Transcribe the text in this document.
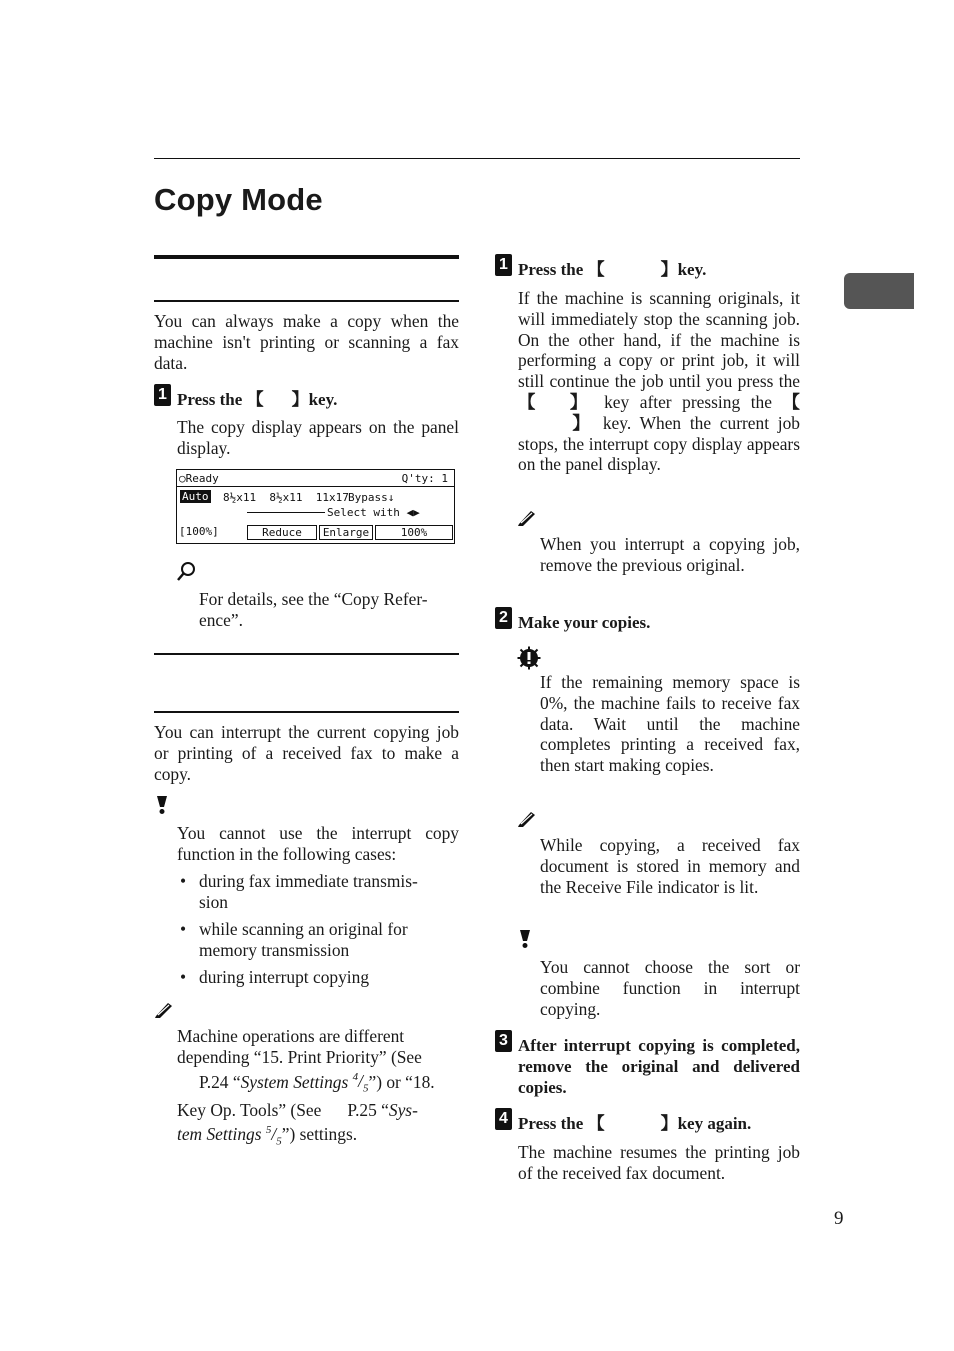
Copy Mode
You can always make a copy when the machine isn't printing or scanning a fax data.
1 Press the 【 】key.
The copy display appears on the panel display.
○Ready	Q'ty: 1
Auto 8½x11  8½x11  11x17 Bypass↓
Select with ◀▶
[100%]	Reduce	Enlarge	100%
For details, see the “Copy Refer-
ence”.
You can interrupt the current copying job or printing of a received fax to make a copy.
You cannot use the interrupt copy function in the following cases:
• during fax immediate transmis-
sion
• while scanning an original for
memory transmission
• during interrupt copying
Machine operations are different
depending “15. Print Priority” (See
P.24 “System Settings $^4/_5$”) or “18.
Key Op. Tools” (See P.25 “Sys-
tem Settings $^5/_5$”) settings.
1 Press the 【	】key.
If the machine is scanning originals, it will immediately stop the scanning job. On the other hand, if the machine is performing a copy or print job, it will still continue the job until you press the 【 】 key after pressing the 【】 key. When the current job stops, the interrupt copy display appears on the panel display.
When you interrupt a copying job, remove the previous original.
2 Make your copies.
If the remaining memory space is 0%, the machine fails to receive fax data. Wait until the machine completes printing a received fax, then start making copies.
While copying, a received fax document is stored in memory and the Receive File indicator is lit.
You cannot choose the sort or combine function in interrupt copying.
3 After interrupt copying is completed, remove the original and delivered copies.
4 Press the 【	】key again.
The machine resumes the printing job of the received fax document.
9
